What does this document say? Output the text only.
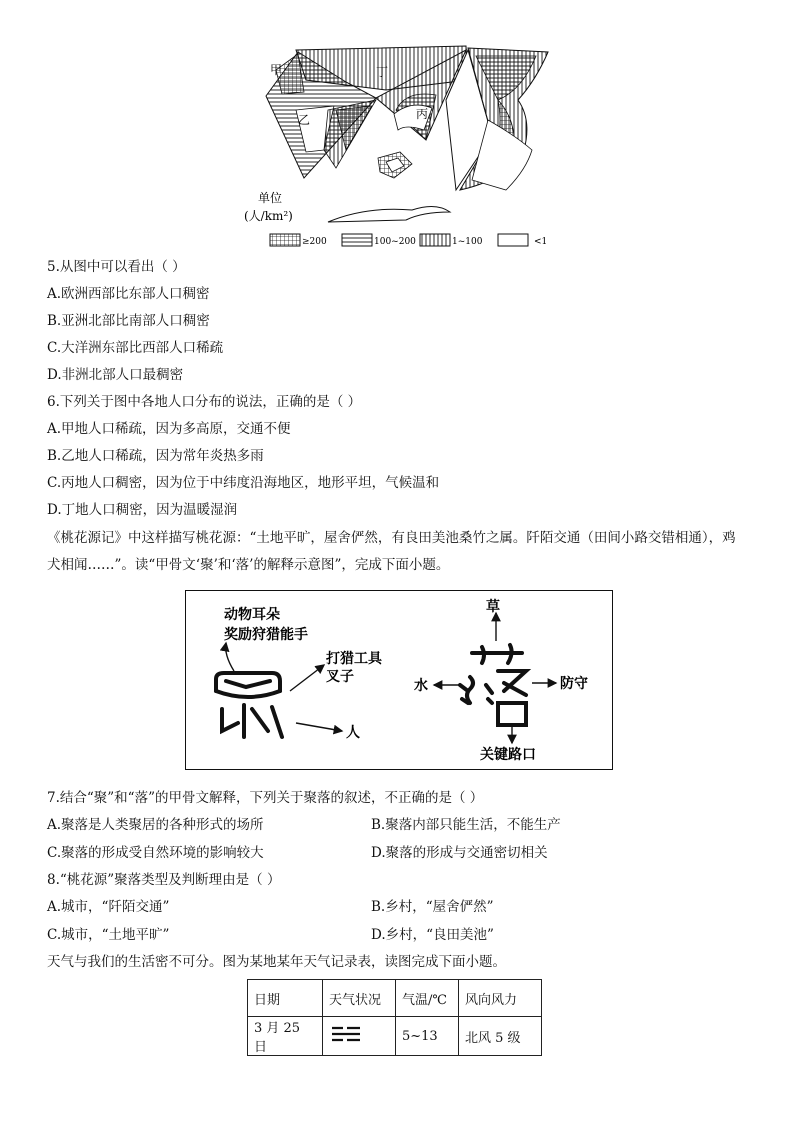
甲
乙	丙
丁
单位
(人/km²)
≥200	100~200	1~100	<1
5.从图中可以看出（ ）
A.欧洲西部比东部人口稠密
B.亚洲北部比南部人口稠密
C.大洋洲东部比西部人口稀疏
D.非洲北部人口最稠密
6.下列关于图中各地人口分布的说法，正确的是（ ）
A.甲地人口稀疏，因为多高原，交通不便
B.乙地人口稀疏，因为常年炎热多雨
C.丙地人口稠密，因为位于中纬度沿海地区，地形平坦，气候温和
D.丁地人口稠密，因为温暖湿润
《桃花源记》中这样描写桃花源：“土地平旷，屋舍俨然，有良田美池桑竹之属。阡陌交通（田间小路交错相通），鸡犬相闻……”。读“甲骨文‘聚’和‘落’的解释示意图”，完成下面小题。
动物耳朵
奖励狩猎能手
打猎工具
叉子
人
草
水	防守
关键路口
7.结合“聚”和“落”的甲骨文解释，下列关于聚落的叙述，不正确的是（ ）
A.聚落是人类聚居的各种形式的场所	B.聚落内部只能生活，不能生产
C.聚落的形成受自然环境的影响较大	D.聚落的形成与交通密切相关
8.“桃花源”聚落类型及判断理由是（ ）
A.城市，“阡陌交通”	B.乡村，“屋舍俨然”
C.城市，“土地平旷”	D.乡村，“良田美池”
天气与我们的生活密不可分。图为某地某年天气记录表，读图完成下面小题。
日期	天气状况	气温/℃	风向风力
3 月 25 日		5~13	北风 5 级
